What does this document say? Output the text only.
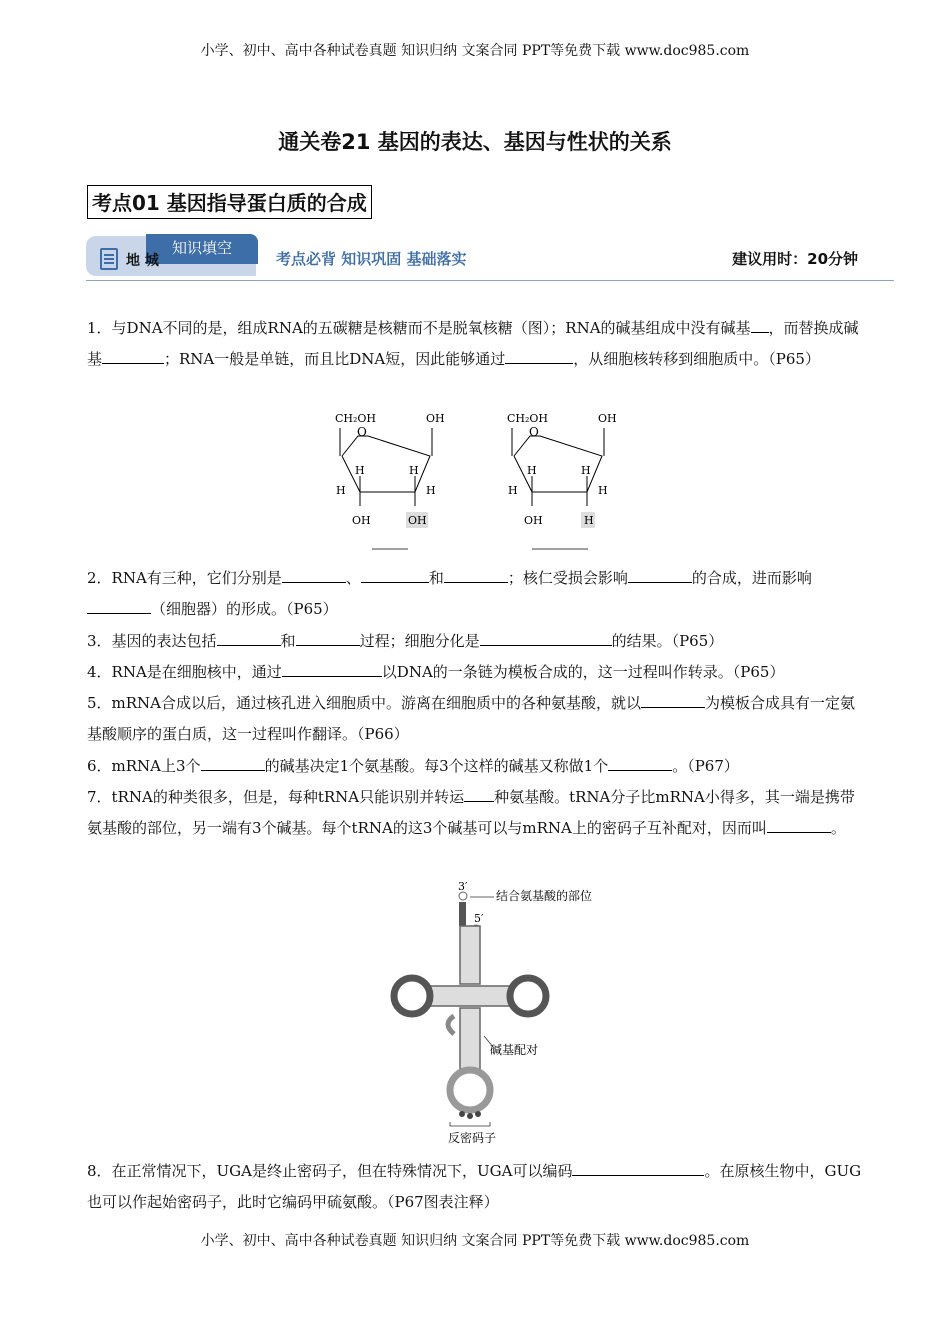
小学、初中、高中各种试卷真题 知识归纳 文案合同 PPT等免费下载 www.doc985.com
通关卷21 基因的表达、基因与性状的关系
考点01 基因指导蛋白质的合成
知识填空
地 城	考点必背 知识巩固 基础落实	建议用时：20分钟
1．与DNA不同的是，组成RNA的五碳糖是核糖而不是脱氧核糖（图）；RNA的碱基组成中没有碱基 ，而替换成碱基	；RNA一般是单链，而且比DNA短，因此能够通过	，从细胞核转移到细胞质中。（P65）
CH₂OH	OH
O
H	H
H	H
OH	OH
CH₂OH	OH
O
H	H
H	H
OH	H
2．RNA有三种，它们分别是	、	和	；核仁受损会影响	的合成，进而影响（细胞器）的形成。（P65）
3．基因的表达包括	和	过程；细胞分化是	的结果。（P65）
4．RNA是在细胞核中，通过	以DNA的一条链为模板合成的，这一过程叫作转录。（P65）
5．mRNA合成以后，通过核孔进入细胞质中。游离在细胞质中的各种氨基酸，就以	为模板合成具有一定氨基酸顺序的蛋白质，这一过程叫作翻译。（P66）
6．mRNA上3个	的碱基决定1个氨基酸。每3个这样的碱基又称做1个	。（P67）
7．tRNA的种类很多，但是，每种tRNA只能识别并转运 种氨基酸。tRNA分子比mRNA小得多，其一端是携带氨基酸的部位，另一端有3个碱基。每个tRNA的这3个碱基可以与mRNA上的密码子互补配对，因而叫	。
3′
5′
结合氨基酸的部位
碱基配对
反密码子
8．在正常情况下，UGA是终止密码子，但在特殊情况下，UGA可以编码	。在原核生物中，GUG也可以作起始密码子，此时它编码甲硫氨酸。（P67图表注释）
小学、初中、高中各种试卷真题 知识归纳 文案合同 PPT等免费下载 www.doc985.com
